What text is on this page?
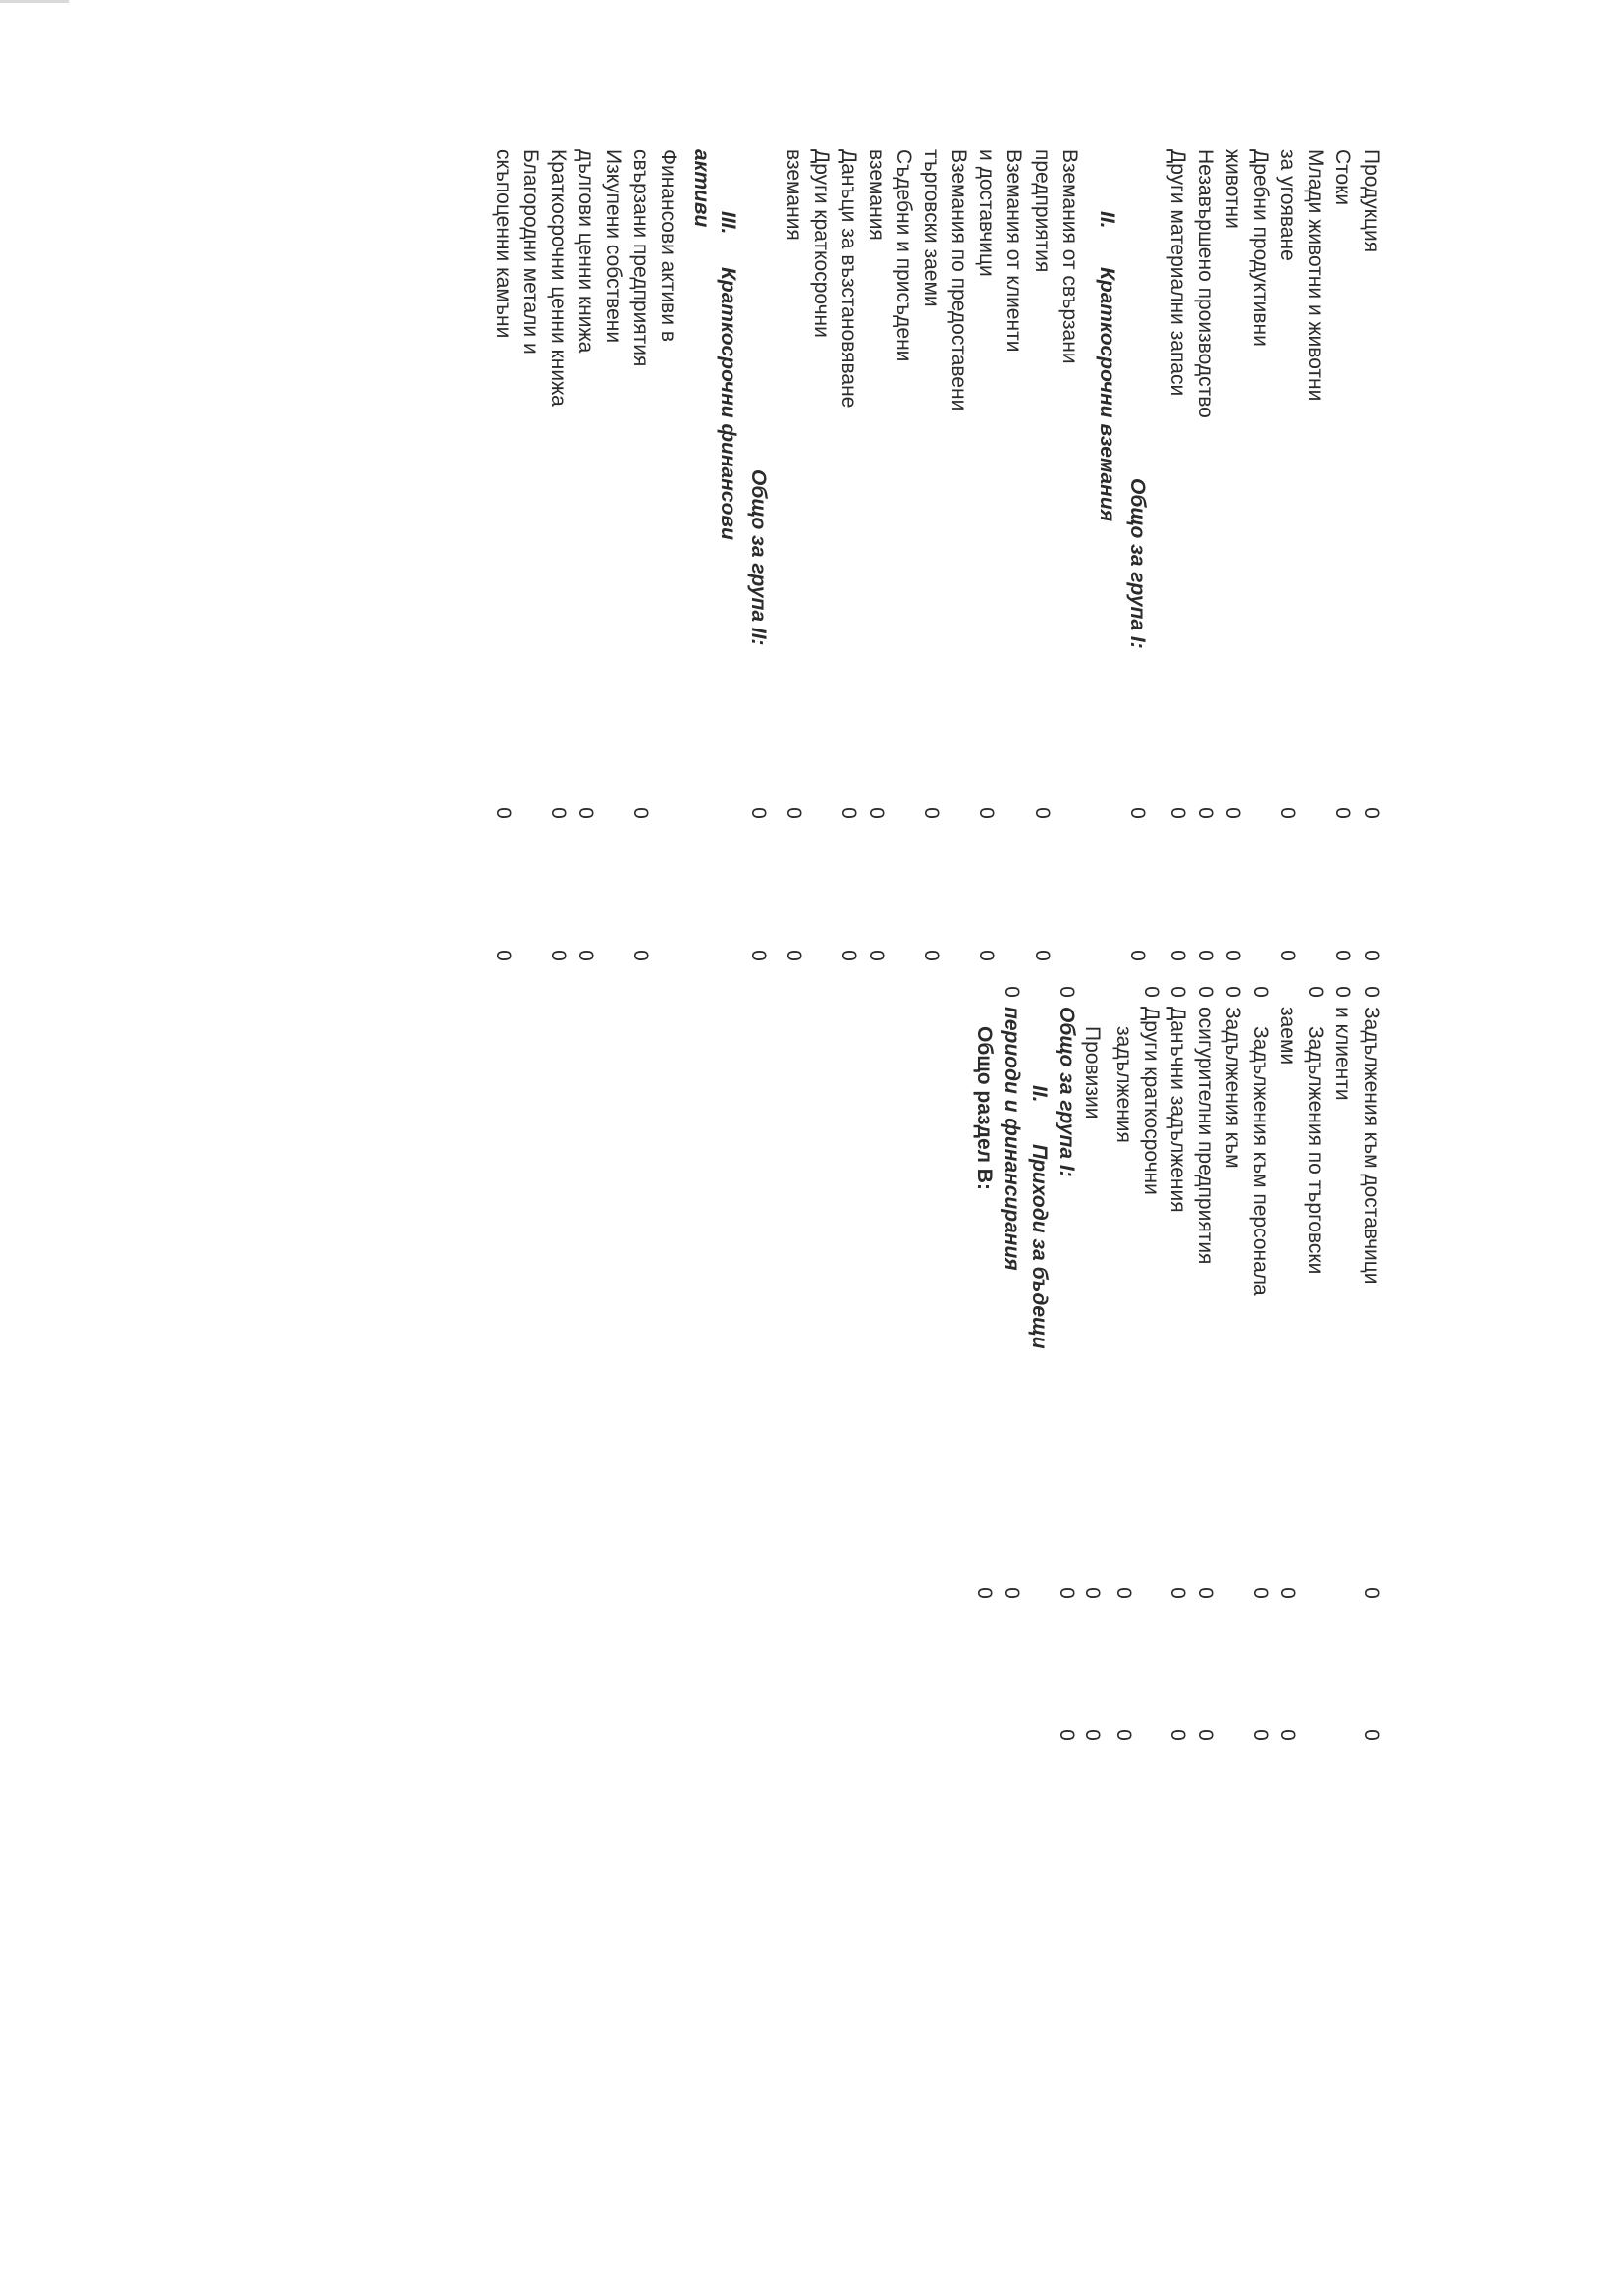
Продукция
Стоки
Млади животни и животни
за угояване
Дребни продуктивни
животни
Незавършено производство
Други материални запаси
Общо за група I:
II.
Краткосрочни вземания
Вземания от свързани
предприятия
Вземания от клиенти
и доставчици
Вземания по предоставени
търговски заеми
Съдебни и присъдени
вземания
Данъци за възстановяване
Други краткосрочни
вземания
Общо за група II:
III.
Краткосрочни финансови
активи
Финансови активи в
свързани предприятия
Изкупени собствени
дългови ценни книжа
Краткосрочни ценни книжа
Благородни метали и
скъпоценни камъни
0
0
0
0
0
0
0
0
0
0
0
0
0
0
0
0
0
0
0
0
0
0
0
0
0
0
0
0
0
0
0
0
0
0
0
0
0
0
0
0
0
0
0
Задължения към доставчици
и клиенти
Задължения по търговски
заеми
Задължения към персонала
Задължения към
осигурителни предприятия
Данъчни задължения
Други краткосрочни
задължения
Провизии
0
0
Общо за група I:
II.
Приходи за бъдещи
0
периоди и финансирания
Общо раздел В:
0
0
0
0
0
0
0
0
0
0
0
0
0
0
0
0
0
0
